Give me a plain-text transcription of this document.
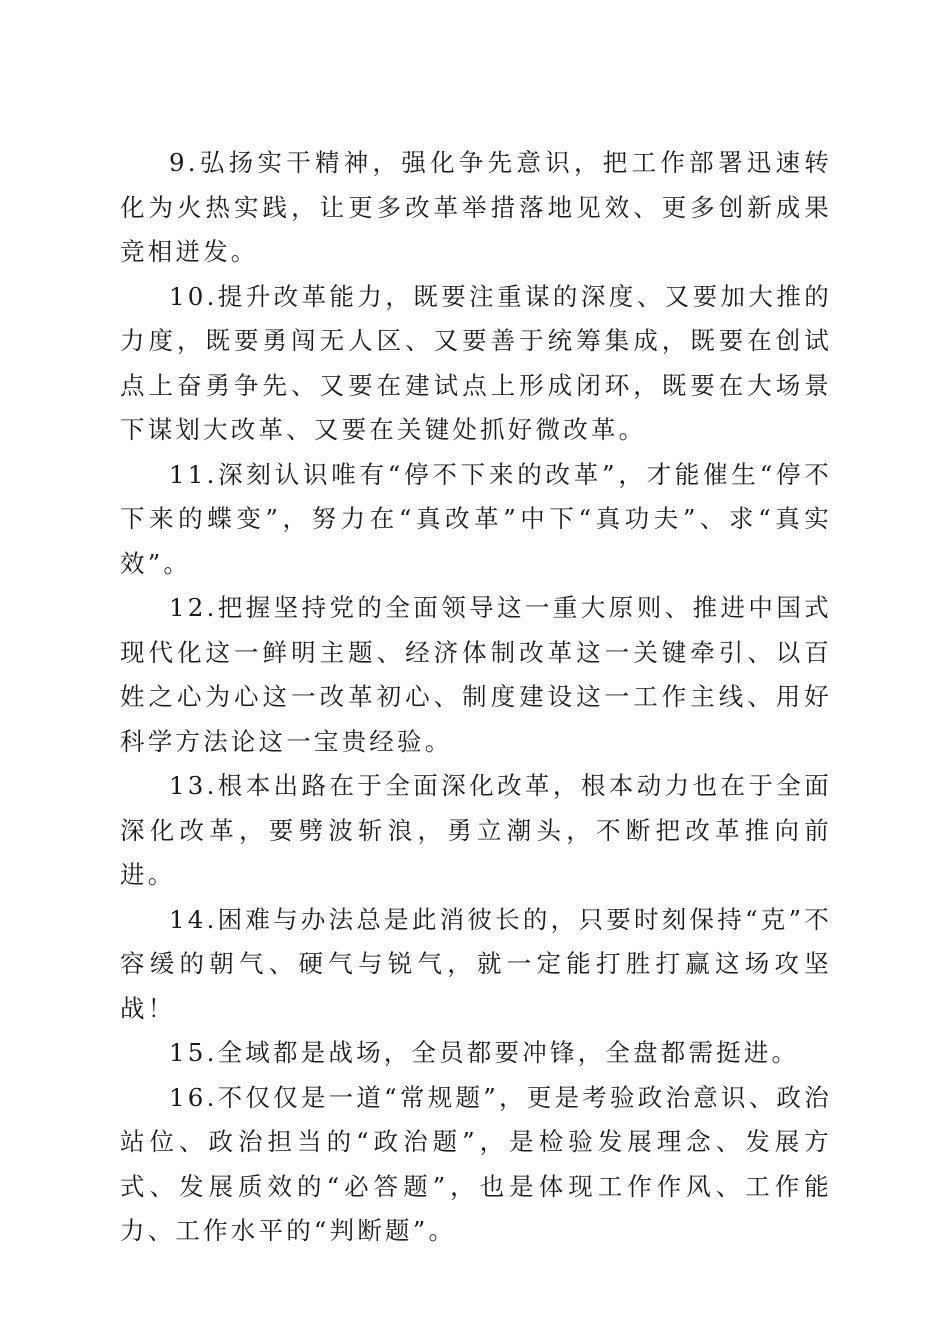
9.弘扬实干精神，强化争先意识，把工作部署迅速转化为火热实践，让更多改革举措落地见效、更多创新成果竞相迸发。

10.提升改革能力，既要注重谋的深度、又要加大推的力度，既要勇闯无人区、又要善于统筹集成，既要在创试点上奋勇争先、又要在建试点上形成闭环，既要在大场景下谋划大改革、又要在关键处抓好微改革。

11.深刻认识唯有“停不下来的改革”，才能催生“停不下来的蝶变”，努力在“真改革”中下“真功夫”、求“真实效”。

12.把握坚持党的全面领导这一重大原则、推进中国式现代化这一鲜明主题、经济体制改革这一关键牵引、以百姓之心为心这一改革初心、制度建设这一工作主线、用好科学方法论这一宝贵经验。

13.根本出路在于全面深化改革，根本动力也在于全面深化改革，要劈波斩浪，勇立潮头，不断把改革推向前进。

14.困难与办法总是此消彼长的，只要时刻保持“克”不容缓的朝气、硬气与锐气，就一定能打胜打赢这场攻坚战！

15.全域都是战场，全员都要冲锋，全盘都需挺进。

16.不仅仅是一道“常规题”，更是考验政治意识、政治站位、政治担当的“政治题”，是检验发展理念、发展方式、发展质效的“必答题”，也是体现工作作风、工作能力、工作水平的“判断题”。
